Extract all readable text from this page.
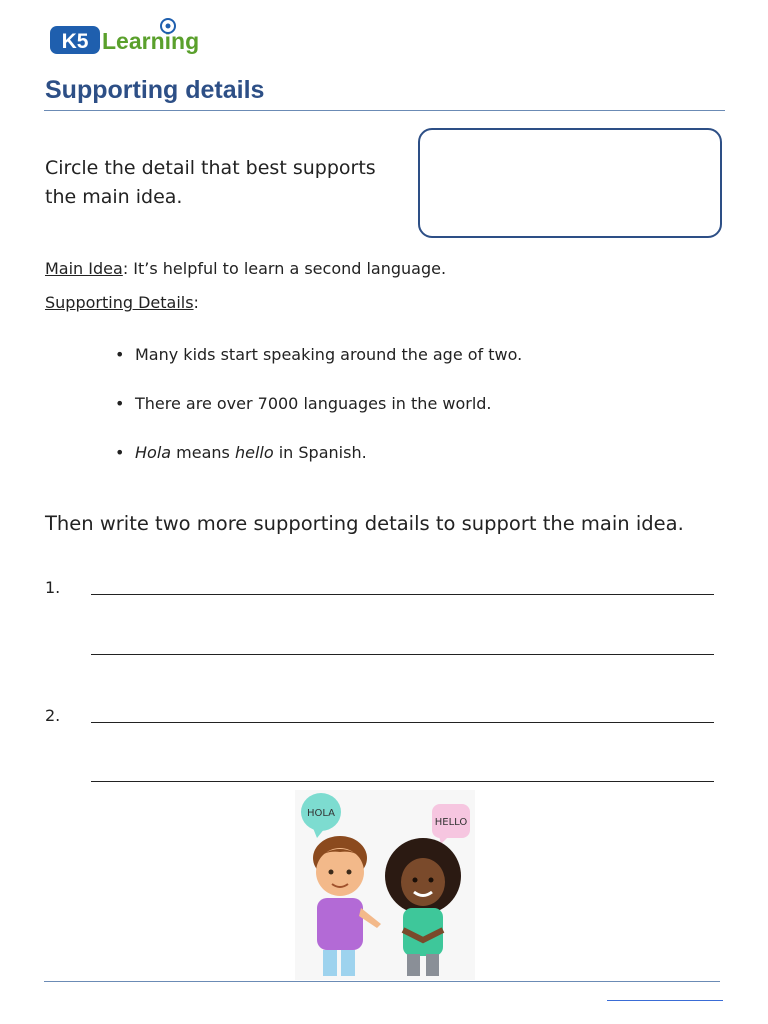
K5 Learning
Supporting details

Circle the detail that best supports the main idea.

Main Idea: It’s helpful to learn a second language.
Supporting Details:
• Many kids start speaking around the age of two.
• There are over 7000 languages in the world.
• Hola means hello in Spanish.
Then write two more supporting details to support the main idea.
1.
2.
HOLA
HELLO
